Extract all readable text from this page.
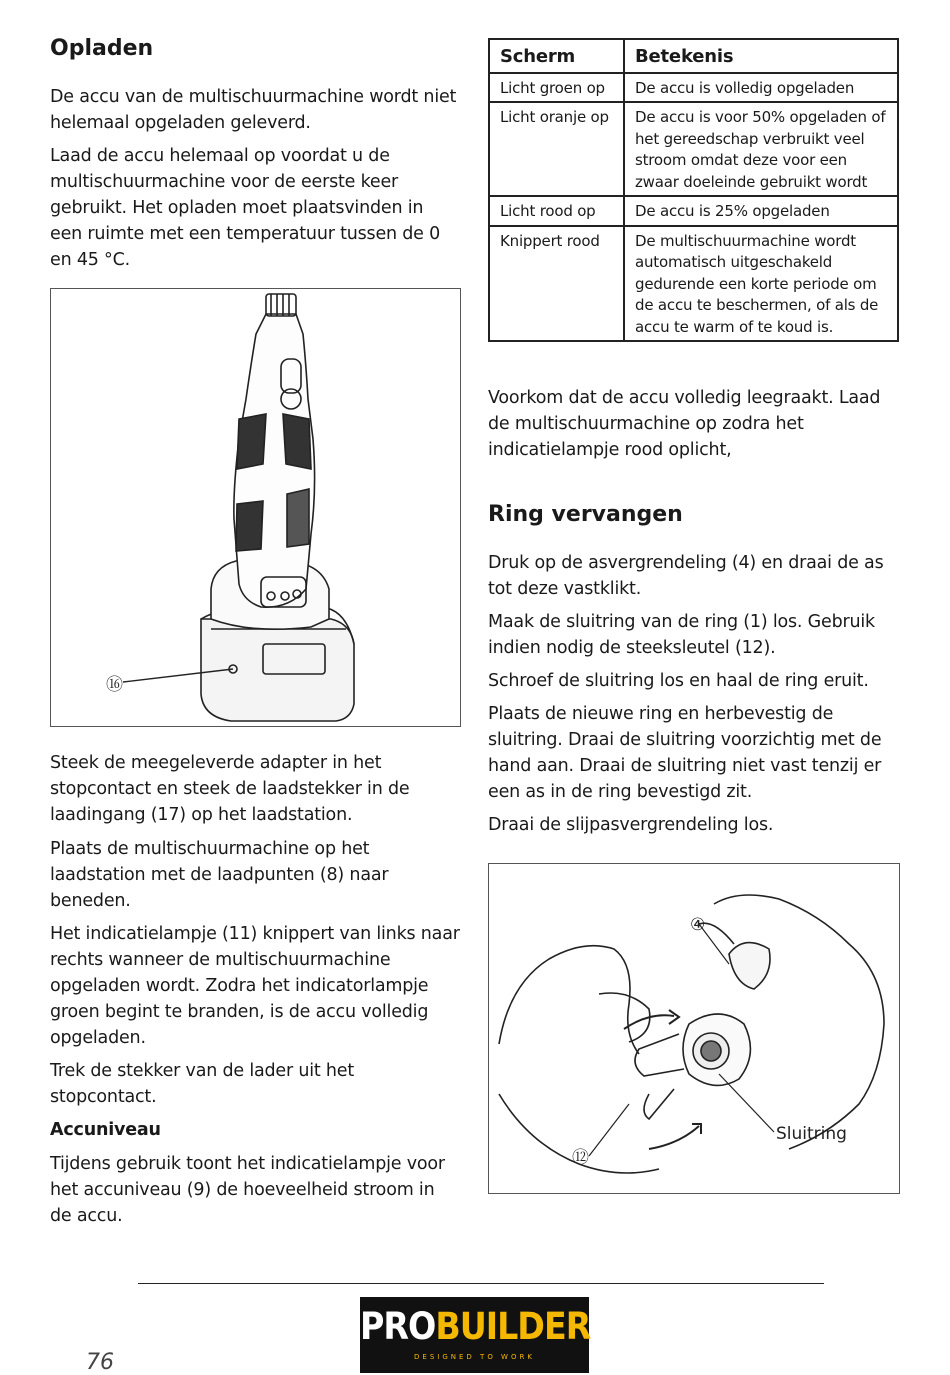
Opladen

De accu van de multischuurmachine wordt niet helemaal opgeladen geleverd.

Laad de accu helemaal op voordat u de multischuurmachine voor de eerste keer gebruikt. Het opladen moet plaatsvinden in een ruimte met een temperatuur tussen de 0 en 45 °C.

⑯

Steek de meegeleverde adapter in het stopcontact en steek de laadstekker in de laadingang (17) op het laadstation.

Plaats de multischuurmachine op het laadstation met de laadpunten (8) naar beneden.

Het indicatielampje (11) knippert van links naar rechts wanneer de multischuurmachine opgeladen wordt. Zodra het indicatorlampje groen begint te branden, is de accu volledig opgeladen.

Trek de stekker van de lader uit het stopcontact.

Accuniveau

Tijdens gebruik toont het indicatielampje voor het accuniveau (9) de hoeveelheid stroom in de accu.

Scherm	Betekenis
Licht groen op	De accu is volledig opgeladen
Licht oranje op	De accu is voor 50% opgeladen of het gereedschap verbruikt veel stroom omdat deze voor een zwaar doeleinde gebruikt wordt
Licht rood op	De accu is 25% opgeladen
Knippert rood	De multischuurmachine wordt automatisch uitgeschakeld gedurende een korte periode om de accu te beschermen, of als de accu te warm of te koud is.

Voorkom dat de accu volledig leegraakt. Laad de multischuurmachine op zodra het indicatielampje rood oplicht,

Ring vervangen

Druk op de asvergrendeling (4) en draai de as tot deze vastklikt.

Maak de sluitring van de ring (1) los. Gebruik indien nodig de steeksleutel (12).

Schroef de sluitring los en haal de ring eruit.

Plaats de nieuwe ring en herbevestig de sluitring. Draai de sluitring voorzichtig met de hand aan. Draai de sluitring niet vast tenzij er een as in de ring bevestigd zit.

Draai de slijpasvergrendeling los.

④
⑫
Sluitring
PROBUILDER
DESIGNED TO WORK
76
